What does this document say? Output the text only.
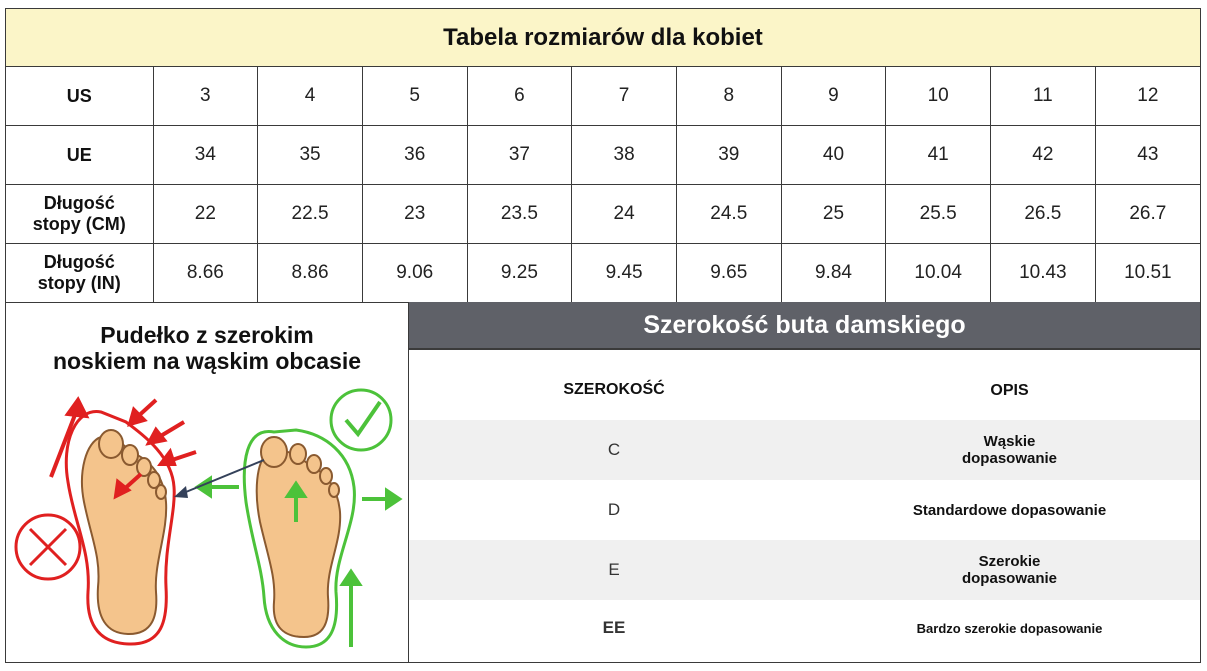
Tabela rozmiarów dla kobiet
US	3	4	5	6	7	8	9	10	11	12
UE	34	35	36	37	38	39	40	41	42	43
Długość
stopy (CM)	22	22.5	23	23.5	24	24.5	25	25.5	26.5	26.7
Długość
stopy (IN)	8.66	8.86	9.06	9.25	9.45	9.65	9.84	10.04	10.43	10.51
Pudełko z szerokim
noskiem na wąskim obcasie
Szerokość buta damskiego
SZEROKOŚĆ	OPIS
C	Wąskie
dopasowanie
D	Standardowe dopasowanie
E	Szerokie
dopasowanie
EE	Bardzo szerokie dopasowanie
